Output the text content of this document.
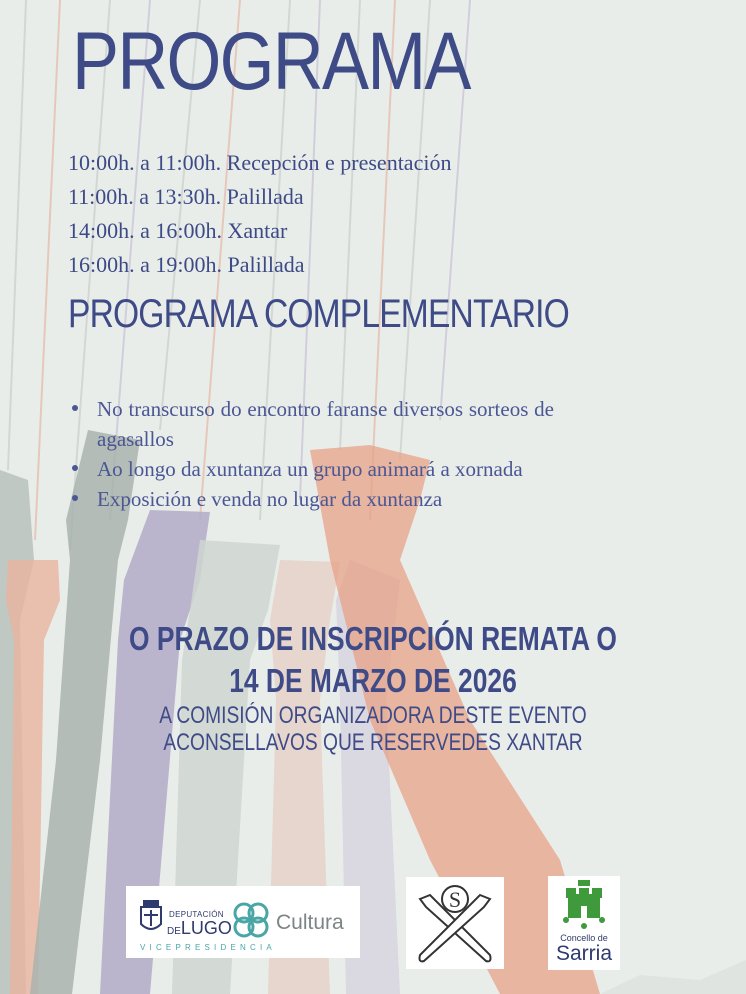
PROGRAMA
10:00h. a 11:00h. Recepción e presentación
11:00h. a 13:30h. Palillada
14:00h. a 16:00h. Xantar
16:00h. a 19:00h. Palillada
PROGRAMA COMPLEMENTARIO
No transcurso do encontro faranse diversos sorteos de agasallos
Ao longo da xuntanza un grupo animará a xornada
Exposición e venda no lugar da xuntanza
O PRAZO DE INSCRIPCIÓN REMATA O
14 DE MARZO DE 2026
A COMISIÓN ORGANIZADORA DESTE EVENTO
ACONSELLAVOS QUE RESERVEDES XANTAR
DEPUTACIÓN
DELUGO Cultura
VICEPRESIDENCIA
S
Concello de
Sarria
